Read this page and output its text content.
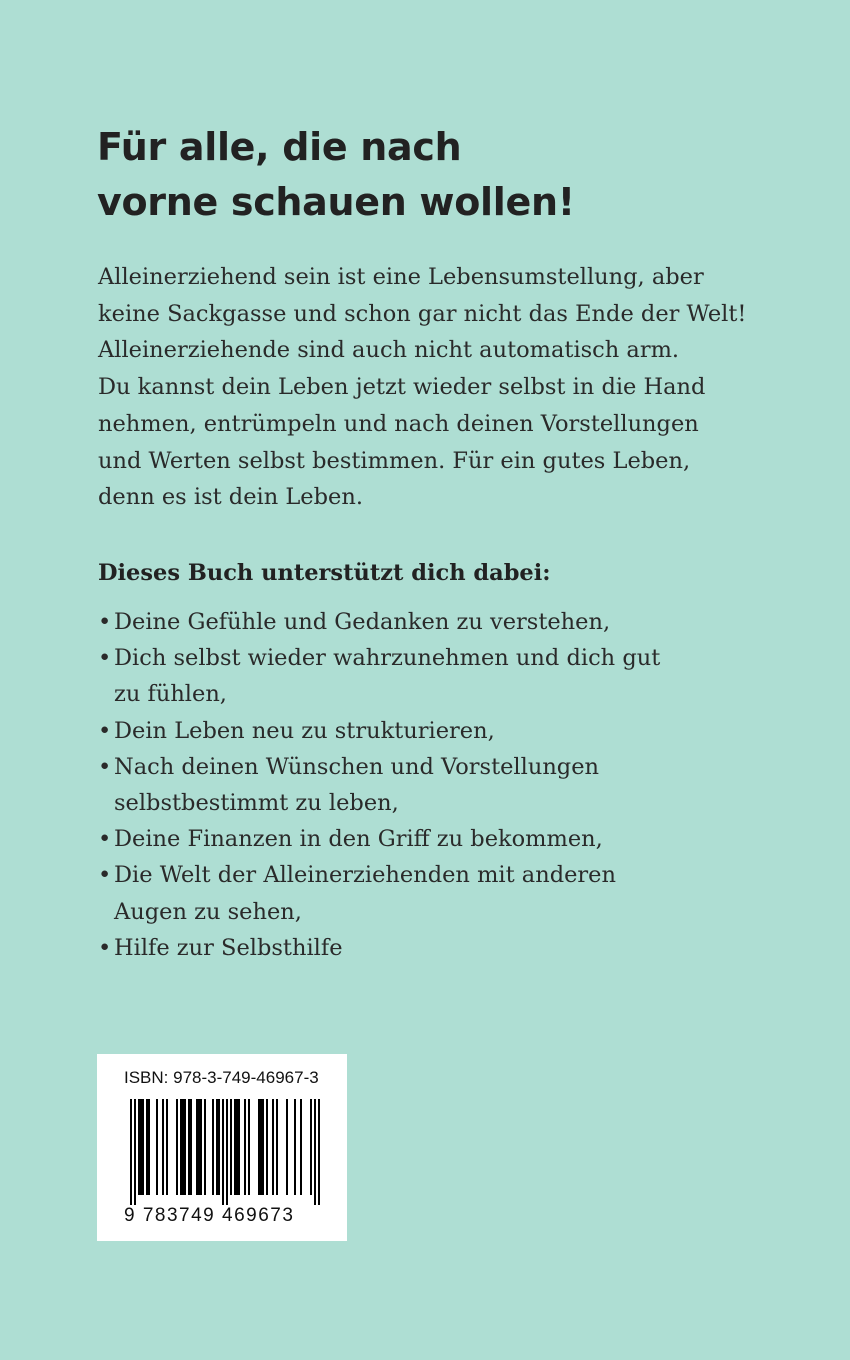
Für alle, die nach
vorne schauen wollen!

Alleinerziehend sein ist eine Lebensumstellung, aber
keine Sackgasse und schon gar nicht das Ende der Welt!
Alleinerziehende sind auch nicht automatisch arm.
Du kannst dein Leben jetzt wieder selbst in die Hand
nehmen, entrümpeln und nach deinen Vorstellungen
und Werten selbst bestimmen. Für ein gutes Leben,
denn es ist dein Leben.

Dieses Buch unterstützt dich dabei:
• Deine Gefühle und Gedanken zu verstehen,
• Dich selbst wieder wahrzunehmen und dich gut
zu fühlen,
• Dein Leben neu zu strukturieren,
• Nach deinen Wünschen und Vorstellungen
selbstbestimmt zu leben,
• Deine Finanzen in den Griff zu bekommen,
• Die Welt der Alleinerziehenden mit anderen
Augen zu sehen,
• Hilfe zur Selbsthilfe
ISBN: 978-3-749-46967-3
9 783749 469673
